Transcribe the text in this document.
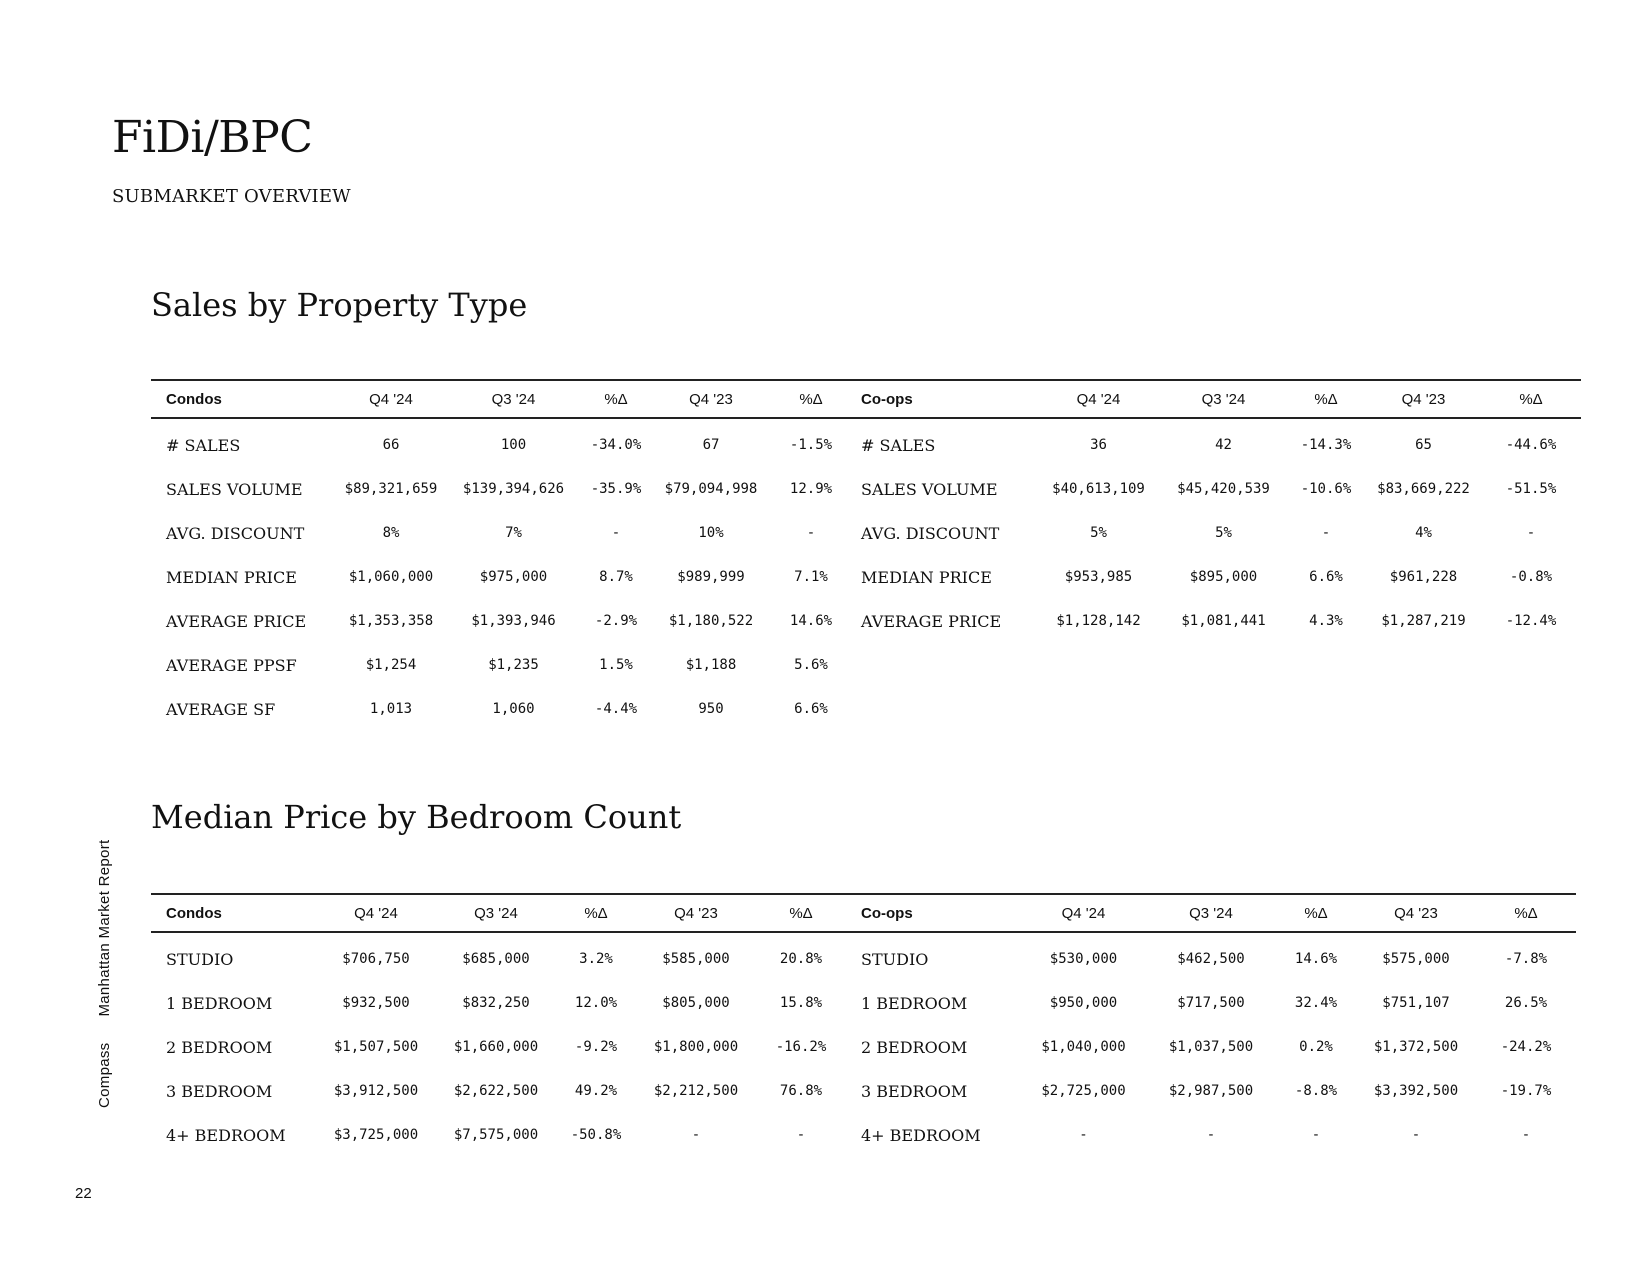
FiDi/BPC
SUBMARKET OVERVIEW
Sales by Property Type
Condos	Q4 '24	Q3 '24	%Δ	Q4 '23	%Δ
# SALES	66	100	-34.0%	67	-1.5%
SALES VOLUME	$89,321,659	$139,394,626	-35.9%	$79,094,998	12.9%
AVG. DISCOUNT	8%	7%	-	10%	-
MEDIAN PRICE	$1,060,000	$975,000	8.7%	$989,999	7.1%
AVERAGE PRICE	$1,353,358	$1,393,946	-2.9%	$1,180,522	14.6%
AVERAGE PPSF	$1,254	$1,235	1.5%	$1,188	5.6%
AVERAGE SF	1,013	1,060	-4.4%	950	6.6%
Co-ops	Q4 '24	Q3 '24	%Δ	Q4 '23	%Δ
# SALES	36	42	-14.3%	65	-44.6%
SALES VOLUME	$40,613,109	$45,420,539	-10.6%	$83,669,222	-51.5%
AVG. DISCOUNT	5%	5%	-	4%	-
MEDIAN PRICE	$953,985	$895,000	6.6%	$961,228	-0.8%
AVERAGE PRICE	$1,128,142	$1,081,441	4.3%	$1,287,219	-12.4%
Median Price by Bedroom Count
Condos	Q4 '24	Q3 '24	%Δ	Q4 '23	%Δ
STUDIO	$706,750	$685,000	3.2%	$585,000	20.8%
1 BEDROOM	$932,500	$832,250	12.0%	$805,000	15.8%
2 BEDROOM	$1,507,500	$1,660,000	-9.2%	$1,800,000	-16.2%
3 BEDROOM	$3,912,500	$2,622,500	49.2%	$2,212,500	76.8%
4+ BEDROOM	$3,725,000	$7,575,000	-50.8%	-	-
Co-ops	Q4 '24	Q3 '24	%Δ	Q4 '23	%Δ
STUDIO	$530,000	$462,500	14.6%	$575,000	-7.8%
1 BEDROOM	$950,000	$717,500	32.4%	$751,107	26.5%
2 BEDROOM	$1,040,000	$1,037,500	0.2%	$1,372,500	-24.2%
3 BEDROOM	$2,725,000	$2,987,500	-8.8%	$3,392,500	-19.7%
4+ BEDROOM	-	-	-	-	-
CompassManhattan Market Report
22
